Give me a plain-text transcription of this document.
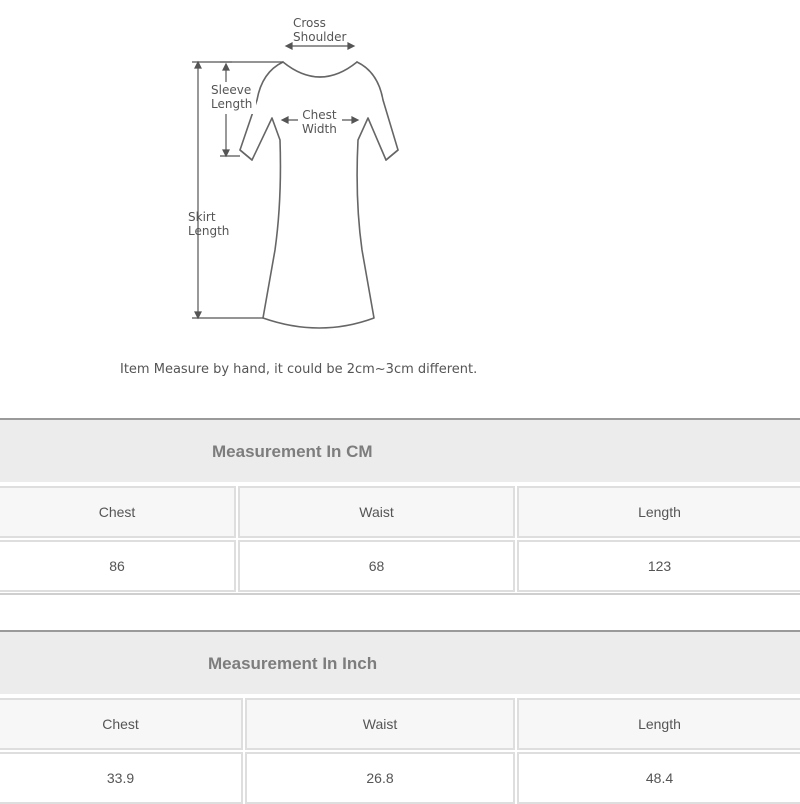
Cross
Shoulder
Sleeve
Length
Chest
Width
Skirt
Length
Item Measure by hand, it could be 2cm~3cm different.
Measurement In CM
Chest	Waist	Length
86	68	123
Measurement In Inch
Chest	Waist	Length
33.9	26.8	48.4
